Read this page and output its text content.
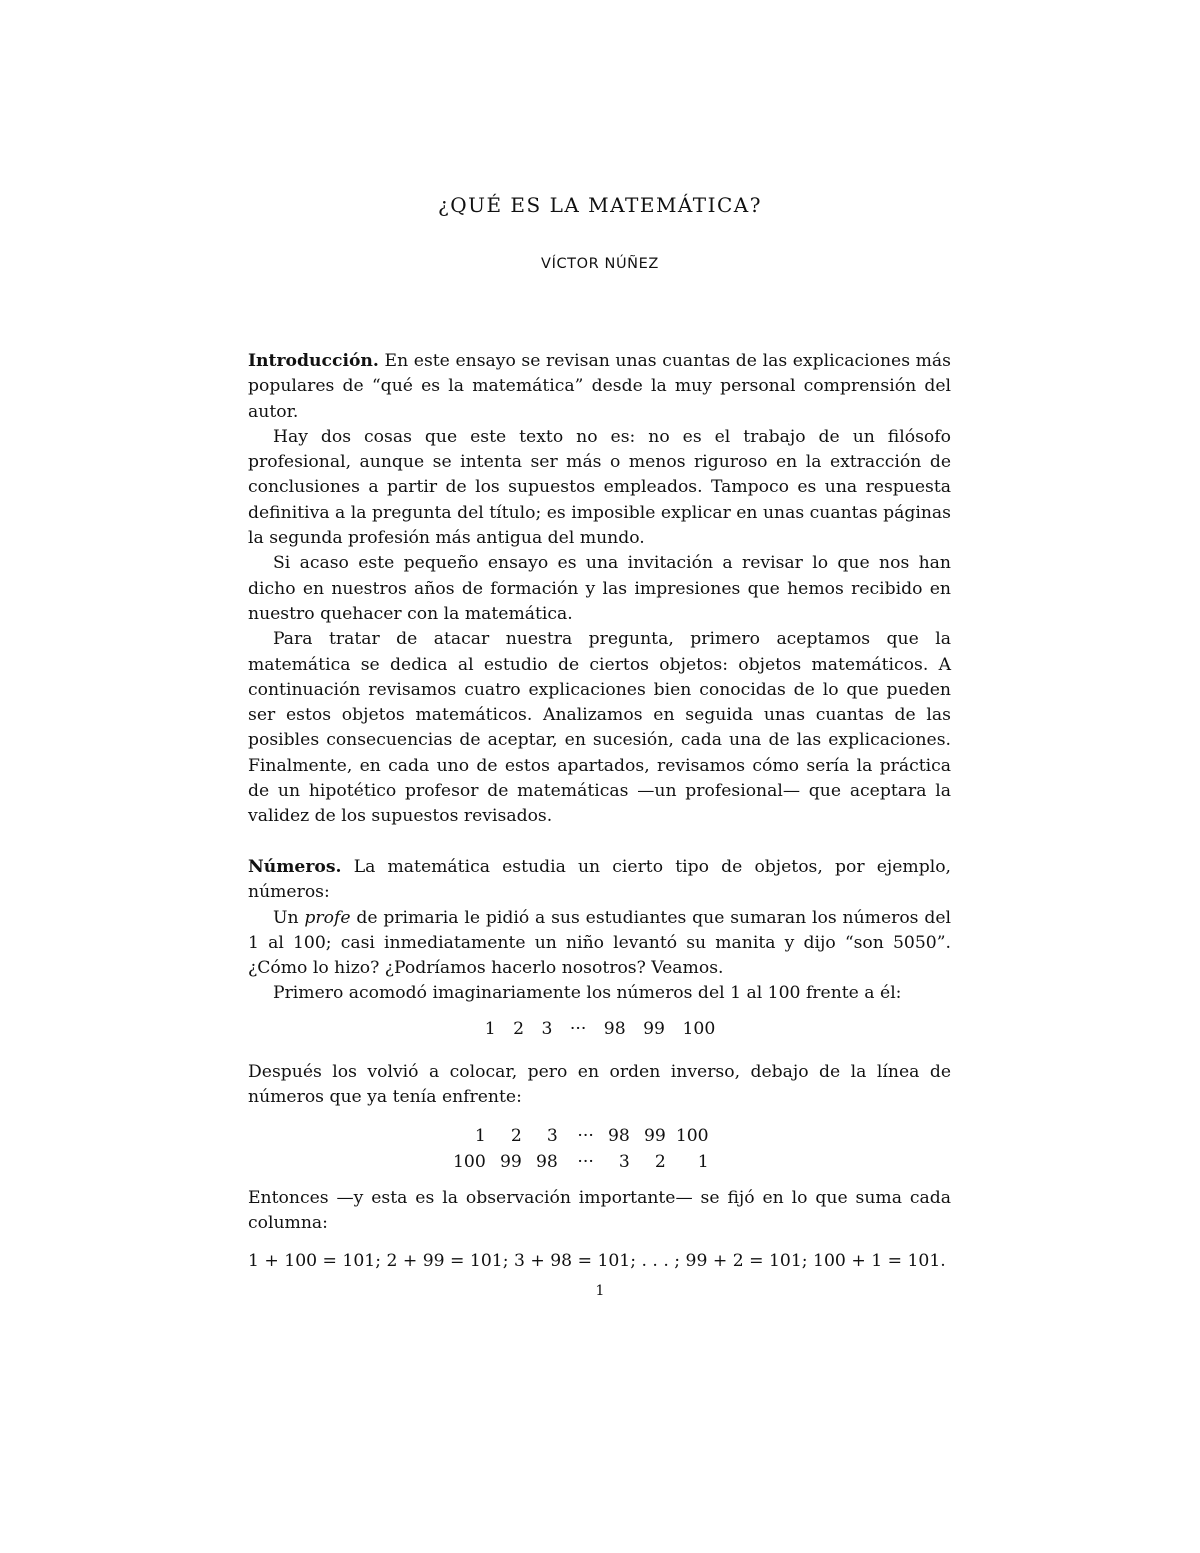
¿QUÉ ES LA MATEMÁTICA?
VÍCTOR NÚÑEZ

Introducción. En este ensayo se revisan unas cuantas de las explicaciones más populares de “qué es la matemática” desde la muy personal comprensión del autor.

Hay dos cosas que este texto no es: no es el trabajo de un filósofo profesional, aunque se intenta ser más o menos riguroso en la extracción de conclusiones a partir de los supuestos empleados. Tampoco es una respuesta definitiva a la pregunta del título; es imposible explicar en unas cuantas páginas la segunda profesión más antigua del mundo.

Si acaso este pequeño ensayo es una invitación a revisar lo que nos han dicho en nuestros años de formación y las impresiones que hemos recibido en nuestro quehacer con la matemática.

Para tratar de atacar nuestra pregunta, primero aceptamos que la matemática se dedica al estudio de ciertos objetos: objetos matemáticos. A continuación revisamos cuatro explicaciones bien conocidas de lo que pueden ser estos objetos matemáticos. Analizamos en seguida unas cuantas de las posibles consecuencias de aceptar, en sucesión, cada una de las explicaciones. Finalmente, en cada uno de estos apartados, revisamos cómo sería la práctica de un hipotético profesor de matemáticas —un profesional— que aceptara la validez de los supuestos revisados.

Números. La matemática estudia un cierto tipo de objetos, por ejemplo, números:

Un profe de primaria le pidió a sus estudiantes que sumaran los números del 1 al 100; casi inmediatamente un niño levantó su manita y dijo “son 5050”. ¿Cómo lo hizo? ¿Podríamos hacerlo nosotros? Veamos.

Primero acomodó imaginariamente los números del 1 al 100 frente a él:

1 2 3 ··· 98 99 100

Después los volvió a colocar, pero en orden inverso, debajo de la línea de números que ya tenía enfrente:

1	2	3	···	98	99	100
100	99	98	···	3	2	1

Entonces —y esta es la observación importante— se fijó en lo que suma cada columna:

1 + 100 = 101; 2 + 99 = 101; 3 + 98 = 101; . . . ; 99 + 2 = 101; 100 + 1 = 101.
1
